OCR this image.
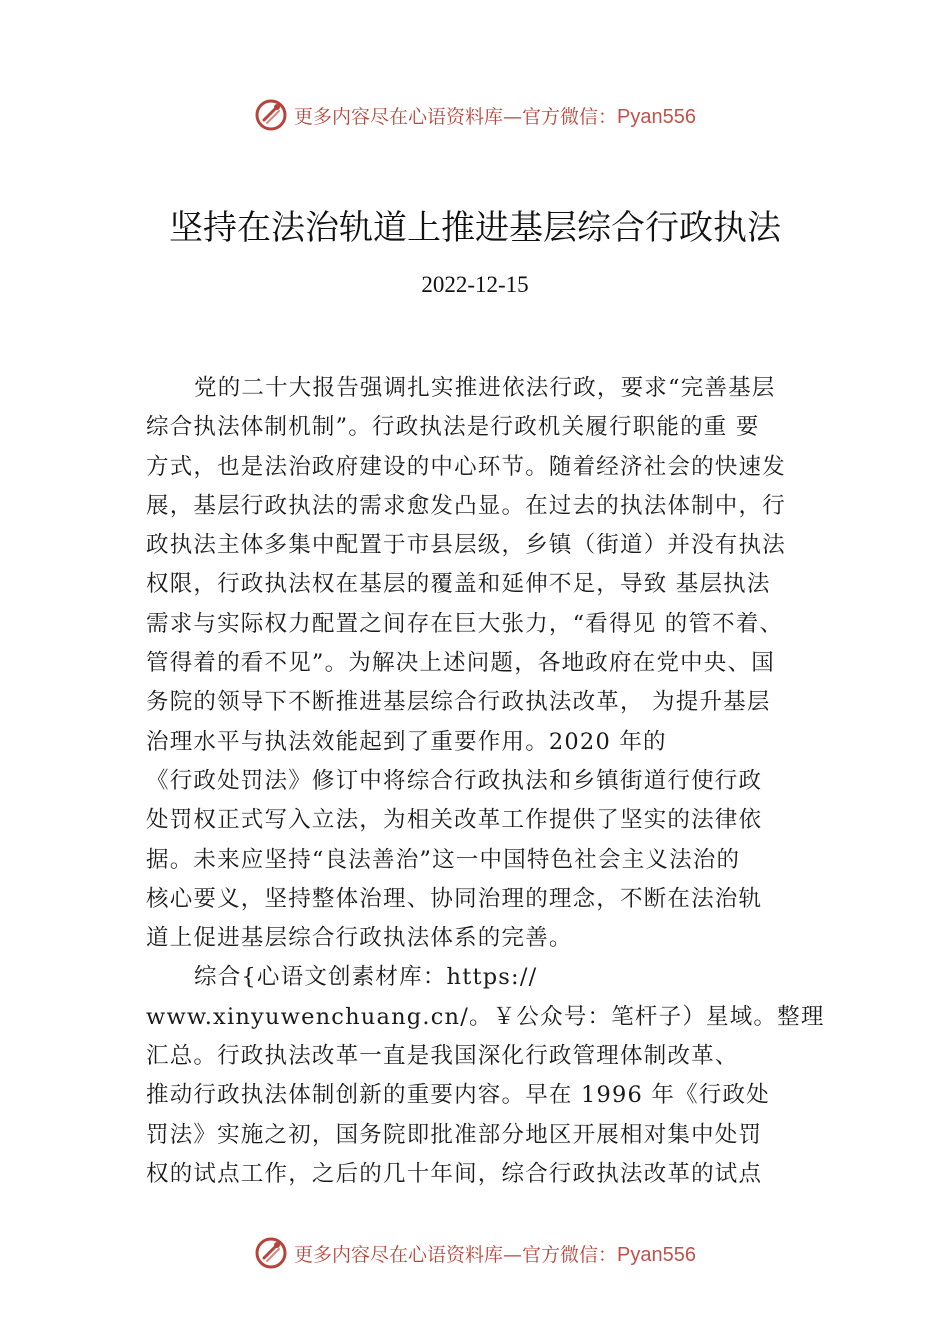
更多内容尽在心语资料库—官方微信：Pyan556
坚持在法治轨道上推进基层综合行政执法
2022-12-15
党的二十大报告强调扎实推进依法行政，要求“完善基层
综合执法体制机制”。行政执法是行政机关履行职能的重 要
方式，也是法治政府建设的中心环节。随着经济社会的快速发
展，基层行政执法的需求愈发凸显。在过去的执法体制中，行
政执法主体多集中配置于市县层级，乡镇（街道）并没有执法
权限，行政执法权在基层的覆盖和延伸不足，导致 基层执法
需求与实际权力配置之间存在巨大张力，“看得见 的管不着、
管得着的看不见”。为解决上述问题，各地政府在党中央、国
务院的领导下不断推进基层综合行政执法改革， 为提升基层
治理水平与执法效能起到了重要作用。2020 年的
《行政处罚法》修订中将综合行政执法和乡镇街道行使行政
处罚权正式写入立法，为相关改革工作提供了坚实的法律依
据。未来应坚持“良法善治”这一中国特色社会主义法治的
核心要义，坚持整体治理、协同治理的理念，不断在法治轨
道上促进基层综合行政执法体系的完善。
综合{心语文创素材库：https://
www.xinyuwenchuang.cn/。￥公众号：笔杆子）星域。整理
汇总。行政执法改革一直是我国深化行政管理体制改革、
推动行政执法体制创新的重要内容。早在 1996 年《行政处
罚法》实施之初，国务院即批准部分地区开展相对集中处罚
权的试点工作，之后的几十年间，综合行政执法改革的试点
更多内容尽在心语资料库—官方微信：Pyan556
